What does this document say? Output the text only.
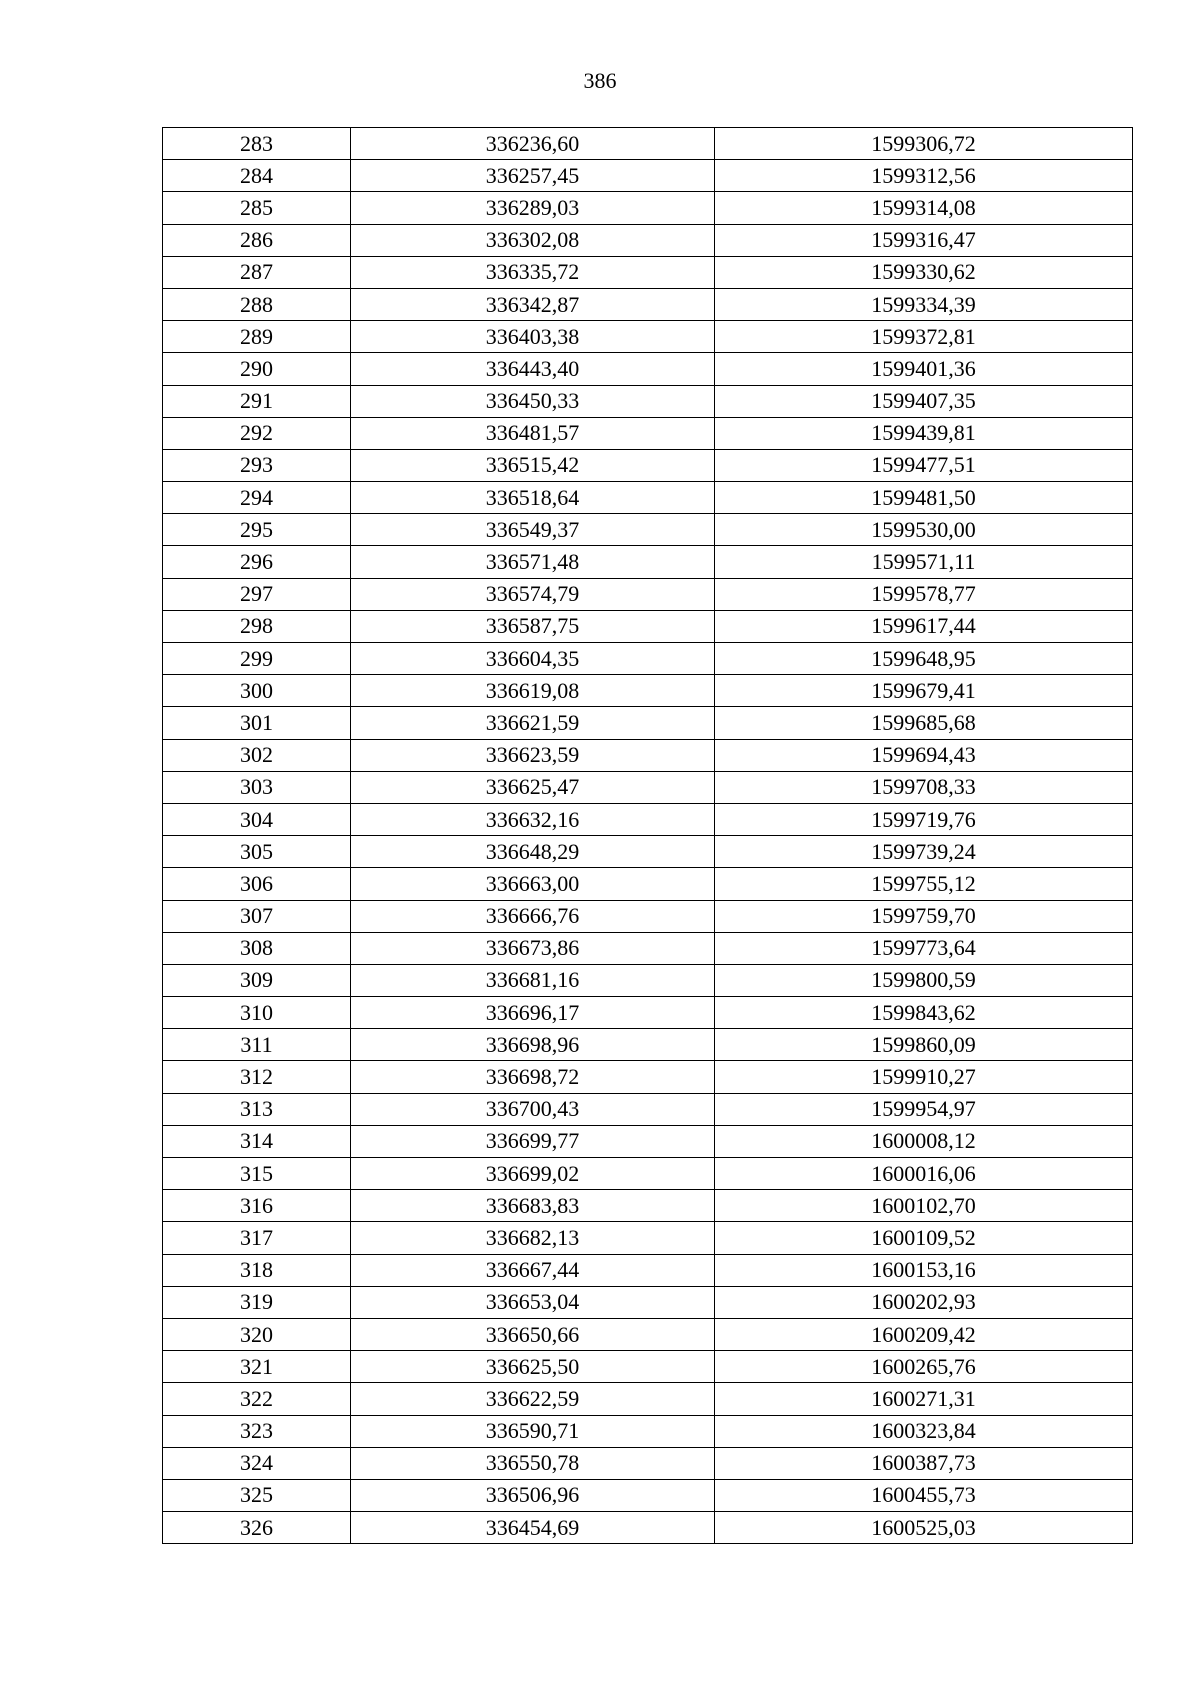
386
283	336236,60	1599306,72
284	336257,45	1599312,56
285	336289,03	1599314,08
286	336302,08	1599316,47
287	336335,72	1599330,62
288	336342,87	1599334,39
289	336403,38	1599372,81
290	336443,40	1599401,36
291	336450,33	1599407,35
292	336481,57	1599439,81
293	336515,42	1599477,51
294	336518,64	1599481,50
295	336549,37	1599530,00
296	336571,48	1599571,11
297	336574,79	1599578,77
298	336587,75	1599617,44
299	336604,35	1599648,95
300	336619,08	1599679,41
301	336621,59	1599685,68
302	336623,59	1599694,43
303	336625,47	1599708,33
304	336632,16	1599719,76
305	336648,29	1599739,24
306	336663,00	1599755,12
307	336666,76	1599759,70
308	336673,86	1599773,64
309	336681,16	1599800,59
310	336696,17	1599843,62
311	336698,96	1599860,09
312	336698,72	1599910,27
313	336700,43	1599954,97
314	336699,77	1600008,12
315	336699,02	1600016,06
316	336683,83	1600102,70
317	336682,13	1600109,52
318	336667,44	1600153,16
319	336653,04	1600202,93
320	336650,66	1600209,42
321	336625,50	1600265,76
322	336622,59	1600271,31
323	336590,71	1600323,84
324	336550,78	1600387,73
325	336506,96	1600455,73
326	336454,69	1600525,03
